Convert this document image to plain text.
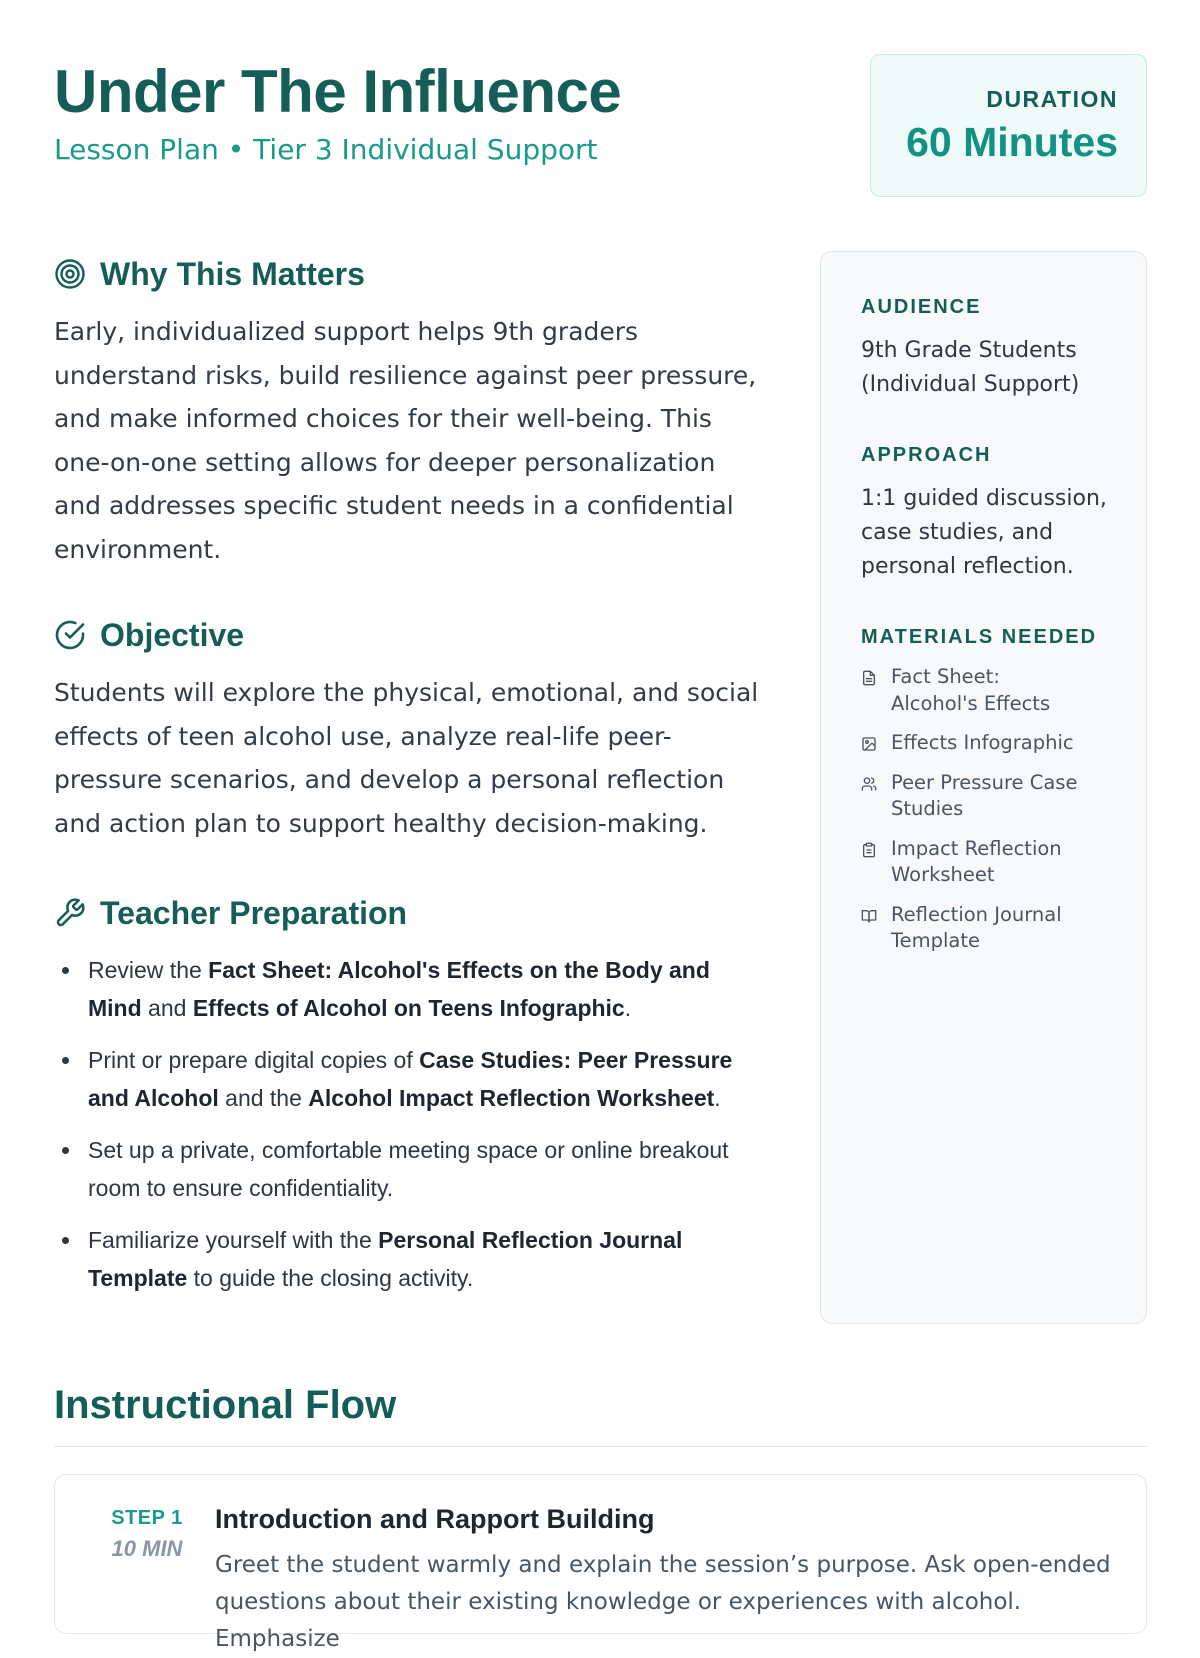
Under The Influence
Lesson Plan • Tier 3 Individual Support
DURATION
60 Minutes
Why This Matters

Early, individualized support helps 9th graders understand risks, build resilience against peer pressure, and make informed choices for their well-being. This one-on-one setting allows for deeper personalization and addresses specific student needs in a confidential environment.

Objective

Students will explore the physical, emotional, and social effects of teen alcohol use, analyze real-life peer-pressure scenarios, and develop a personal reflection and action plan to support healthy decision-making.

Teacher Preparation
Review the Fact Sheet: Alcohol's Effects on the Body and Mind and Effects of Alcohol on Teens Infographic.
Print or prepare digital copies of Case Studies: Peer Pressure and Alcohol and the Alcohol Impact Reflection Worksheet.
Set up a private, comfortable meeting space or online breakout room to ensure confidentiality.
Familiarize yourself with the Personal Reflection Journal Template to guide the closing activity.
AUDIENCE
9th Grade Students (Individual Support)
APPROACH
1:1 guided discussion, case studies, and personal reflection.
MATERIALS NEEDED
Fact Sheet: Alcohol's Effects
Effects Infographic
Peer Pressure Case Studies
Impact Reflection Worksheet
Reflection Journal Template
Instructional Flow
STEP 1
10 MIN
Introduction and Rapport Building
Greet the student warmly and explain the session’s purpose. Ask open-ended questions about their existing knowledge or experiences with alcohol. Emphasize
